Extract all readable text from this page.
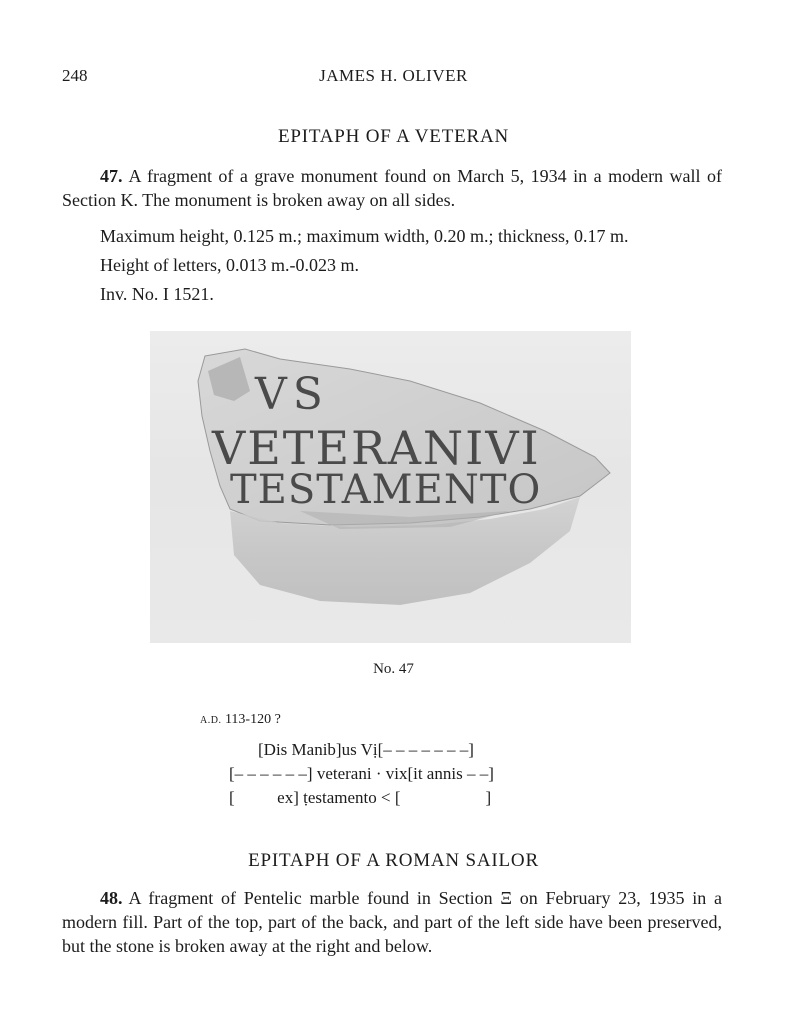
248	JAMES H. OLIVER
EPITAPH OF A VETERAN
47. A fragment of a grave monument found on March 5, 1934 in a modern wall of Section K. The monument is broken away on all sides.
Maximum height, 0.125 m.; maximum width, 0.20 m.; thickness, 0.17 m.
Height of letters, 0.013 m.-0.023 m.
Inv. No. I 1521.
VS
VETERANIVI
TESTAMENTO
No. 47
A.D. 113-120 ?
[Dis Manib]us Vị[– – – – – – –]
[– – – – – –] veterani · vix[it annis – –]
[          ex] ṭestamento < [                    ]
EPITAPH OF A ROMAN SAILOR
48. A fragment of Pentelic marble found in Section Ξ on February 23, 1935 in a modern fill. Part of the top, part of the back, and part of the left side have been preserved, but the stone is broken away at the right and below.
